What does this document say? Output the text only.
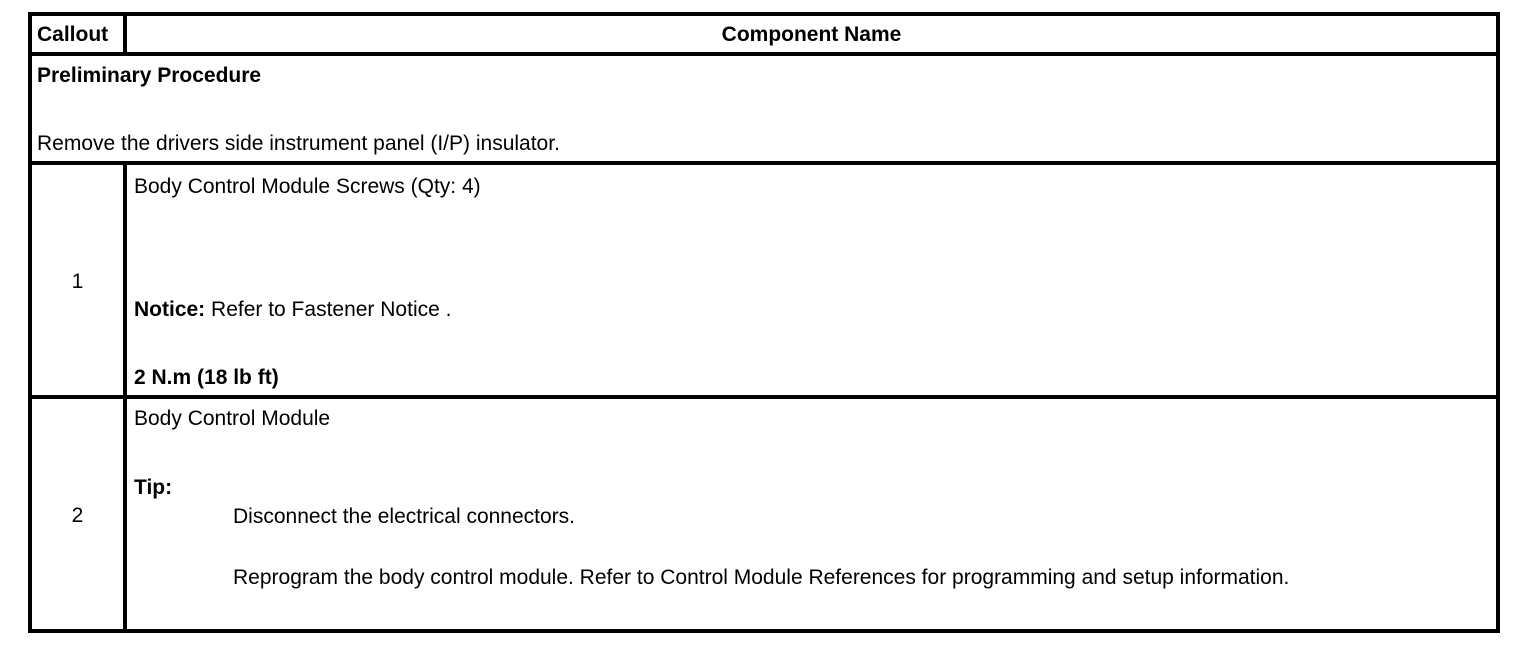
Callout	Component Name
Preliminary Procedure
Remove the drivers side instrument panel (I/P) insulator.
1
Body Control Module Screws (Qty: 4)
Notice: Refer to Fastener Notice .
2 N.m (18 lb ft)
2
Body Control Module
Tip:
Disconnect the electrical connectors.
Reprogram the body control module. Refer to Control Module References for programming and setup information.
